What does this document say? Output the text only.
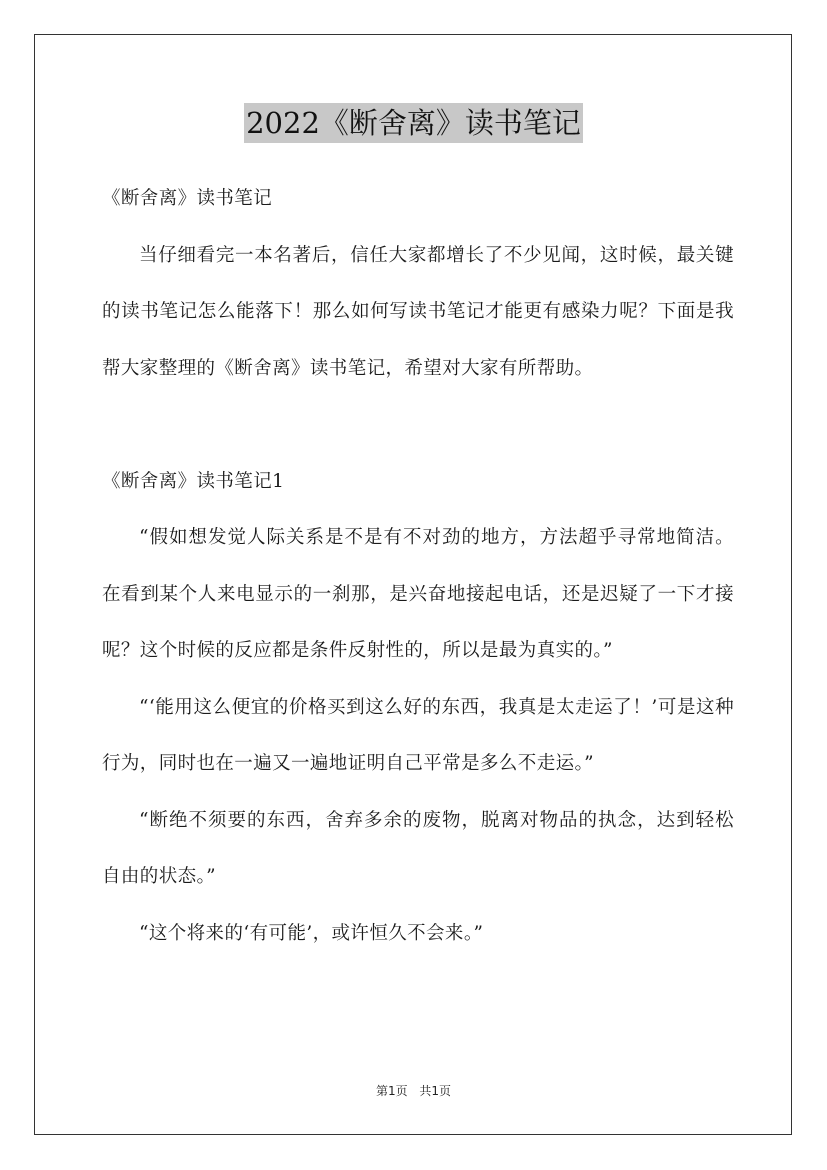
2022《断舍离》读书笔记

《断舍离》读书笔记

当仔细看完一本名著后，信任大家都增长了不少见闻，这时候，最关键的读书笔记怎么能落下！那么如何写读书笔记才能更有感染力呢？下面是我帮大家整理的《断舍离》读书笔记，希望对大家有所帮助。

《断舍离》读书笔记1

“假如想发觉人际关系是不是有不对劲的地方，方法超乎寻常地简洁。在看到某个人来电显示的一刹那，是兴奋地接起电话，还是迟疑了一下才接呢？这个时候的反应都是条件反射性的，所以是最为真实的。”

“‘能用这么便宜的价格买到这么好的东西，我真是太走运了！’可是这种行为，同时也在一遍又一遍地证明自己平常是多么不走运。”

“断绝不须要的东西，舍弃多余的废物，脱离对物品的执念，达到轻松自由的状态。”

“这个将来的‘有可能’，或许恒久不会来。”

第1页 共1页
